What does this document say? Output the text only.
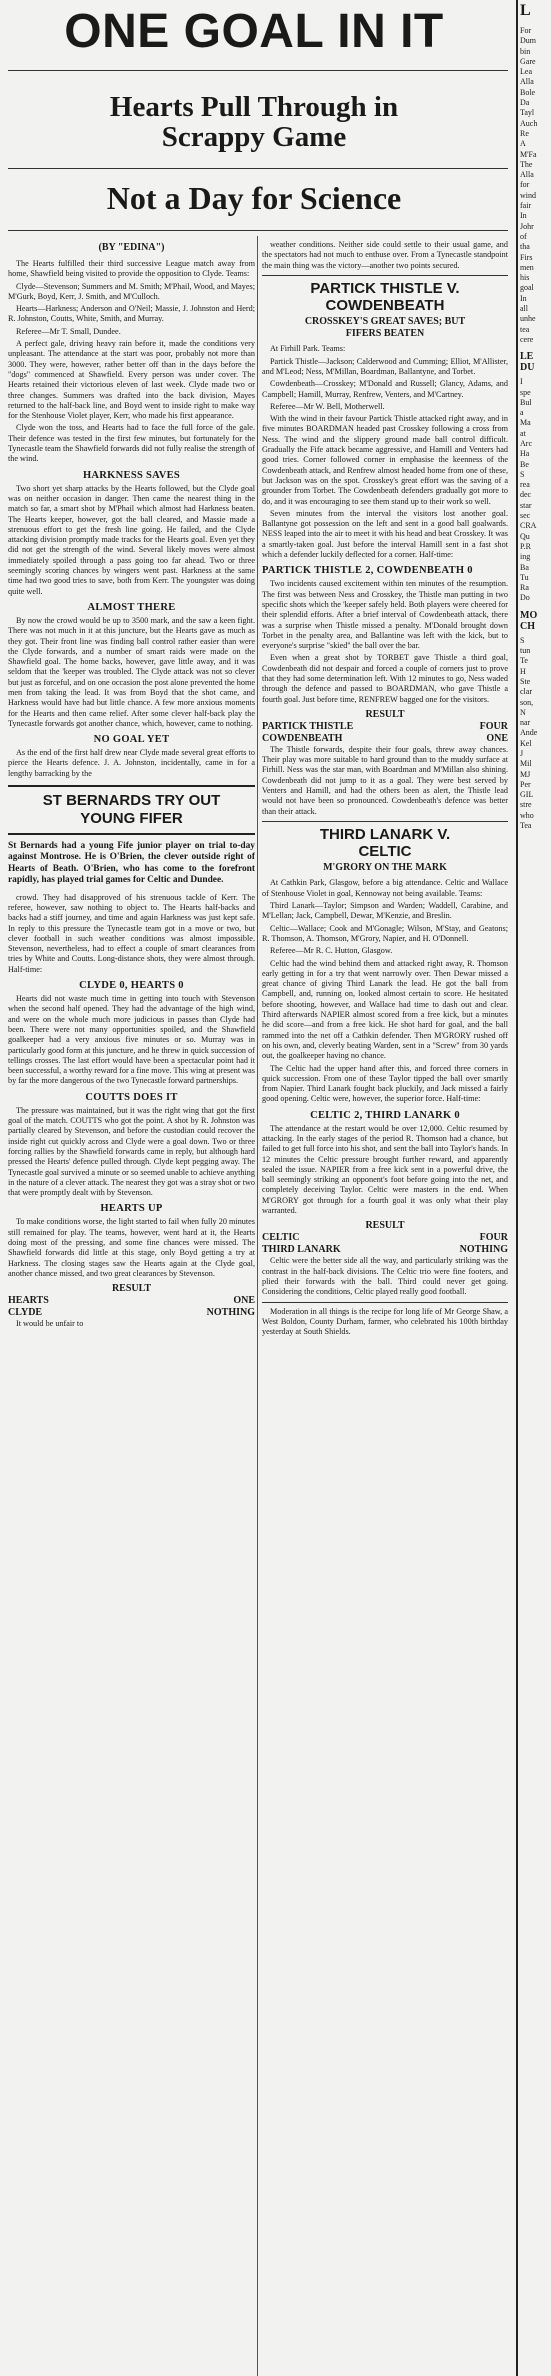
ONE GOAL IN IT
Hearts Pull Through in
Scrappy Game
Not a Day for Science
(BY "EDINA")

The Hearts fulfilled their third successive League match away from home, Shawfield being visited to provide the opposition to Clyde. Teams:

Clyde—Stevenson; Summers and M. Smith; M'Phail, Wood, and Mayes; M'Gurk, Boyd, Kerr, J. Smith, and M'Culloch.

Hearts—Harkness; Anderson and O'Neil; Massie, J. Johnston and Herd; R. Johnston, Coutts, White, Smith, and Murray.

Referee—Mr T. Small, Dundee.

A perfect gale, driving heavy rain before it, made the conditions very unpleasant. The attendance at the start was poor, probably not more than 3000. They were, however, rather better off than in the days before the "dogs" commenced at Shawfield. Every person was under cover. The Hearts retained their victorious eleven of last week. Clyde made two or three changes. Summers was drafted into the back division, Mayes returned to the half-back line, and Boyd went to inside right to make way for the Stenhouse Violet player, Kerr, who made his first appearance.

Clyde won the toss, and Hearts had to face the full force of the gale. Their defence was tested in the first few minutes, but fortunately for the Tynecastle team the Shawfield forwards did not fully realise the strength of the wind.

HARKNESS SAVES

Two short yet sharp attacks by the Hearts followed, but the Clyde goal was on neither occasion in danger. Then came the nearest thing in the match so far, a smart shot by M'Phail which almost had Harkness beaten. The Hearts keeper, however, got the ball cleared, and Massie made a strenuous effort to get the fresh line going. He failed, and the Clyde attacking division promptly made tracks for the Hearts goal. Even yet they did not get the strength of the wind. Several likely moves were almost immediately spoiled through a pass going too far ahead. Two or three seemingly scoring chances by wingers went past. Harkness at the same time had two good tries to save, both from Kerr. The youngster was doing quite well.

ALMOST THERE

By now the crowd would be up to 3500 mark, and the saw a keen fight. There was not much in it at this juncture, but the Hearts gave as much as they got. Their front line was finding ball control rather easier than were the Clyde forwards, and a number of smart raids were made on the Shawfield goal. The home backs, however, gave little away, and it was seldom that the 'keeper was troubled. The Clyde attack was not so clever but just as forceful, and on one occasion the post alone prevented the home men from taking the lead. It was from Boyd that the shot came, and Harkness would have had but little chance. A few more anxious moments for the Hearts and then came relief. After some clever half-back play the Tynecastle forwards got another chance, which, however, came to nothing.

NO GOAL YET

As the end of the first half drew near Clyde made several great efforts to pierce the Hearts defence. J. A. Johnston, incidentally, came in for a lengthy barracking by the

ST BERNARDS TRY OUT
YOUNG FIFER

St Bernards had a young Fife junior player on trial to-day against Montrose. He is O'Brien, the clever outside right of Hearts of Beath. O'Brien, who has come to the forefront rapidly, has played trial games for Celtic and Dundee.

crowd. They had disapproved of his strenuous tackle of Kerr. The referee, however, saw nothing to object to. The Hearts half-backs and backs had a stiff journey, and time and again Harkness was just kept safe. In reply to this pressure the Tynecastle team got in a move or two, but clever football in such weather conditions was almost impossible. Stevenson, nevertheless, had to effect a couple of smart clearances from tries by White and Coutts. Long-distance shots, they were almost through. Half-time:

CLYDE 0, HEARTS 0

Hearts did not waste much time in getting into touch with Stevenson when the second half opened. They had the advantage of the high wind, and were on the whole much more judicious in passes than Clyde had been. There were not many opportunities spoiled, and the Shawfield goalkeeper had a very anxious five minutes or so. Murray was in particularly good form at this juncture, and he threw in quick succession of tellings crosses. The last effort would have been a spectacular point had it been successful, a worthy reward for a fine move. This wing at present was by far the more dangerous of the two Tynecastle forward partnerships.

COUTTS DOES IT

The pressure was maintained, but it was the right wing that got the first goal of the match. COUTTS who got the point. A shot by R. Johnston was partially cleared by Stevenson, and before the custodian could recover the inside right cut quickly across and Clyde were a goal down. Two or three forcing rallies by the Shawfield forwards came in reply, but although hard pressed the Hearts' defence pulled through. Clyde kept pegging away. The Tynecastle goal survived a minute or so seemed unable to achieve anything in the nature of a clever attack. The nearest they got was a stray shot or two that were promptly dealt with by Stevenson.

HEARTS UP

To make conditions worse, the light started to fail when fully 20 minutes still remained for play. The teams, however, went hard at it, the Hearts doing most of the pressing, and some fine chances were missed. The Shawfield forwards did little at this stage, only Boyd getting a try at Harkness. The closing stages saw the Hearts again at the Clyde goal, another chance missed, and two great clearances by Stevenson.

RESULT
HEARTS	ONE
CLYDE	NOTHING

It would be unfair to

weather conditions. Neither side could settle to their usual game, and the spectators had not much to enthuse over. From a Tynecastle standpoint the main thing was the victory—another two points secured.

PARTICK THISTLE V.
COWDENBEATH
CROSSKEY'S GREAT SAVES; BUT
FIFERS BEATEN

At Firhill Park. Teams:

Partick Thistle—Jackson; Calderwood and Cumming; Elliot, M'Allister, and M'Leod; Ness, M'Millan, Boardman, Ballantyne, and Torbet.

Cowdenbeath—Crosskey; M'Donald and Russell; Glancy, Adams, and Campbell; Hamill, Murray, Renfrew, Venters, and M'Cartney.

Referee—Mr W. Bell, Motherwell.

With the wind in their favour Partick Thistle attacked right away, and in five minutes BOARDMAN headed past Crosskey following a cross from Ness. The wind and the slippery ground made ball control difficult. Gradually the Fife attack became aggressive, and Hamill and Venters had good tries. Corner followed corner in emphasise the keenness of the Cowdenbeath attack, and Renfrew almost headed home from one of these, but Jackson was on the spot. Crosskey's great effort was the saving of a grounder from Torbet. The Cowdenbeath defenders gradually got more to do, and it was encouraging to see them stand up to their work so well.

Seven minutes from the interval the visitors lost another goal. Ballantyne got possession on the left and sent in a good ball goalwards. NESS leaped into the air to meet it with his head and beat Crosskey. It was a smartly-taken goal. Just before the interval Hamill sent in a fast shot which a defender luckily deflected for a corner. Half-time:

PARTICK THISTLE 2, COWDENBEATH 0

Two incidents caused excitement within ten minutes of the resumption. The first was between Ness and Crosskey, the Thistle man putting in two specific shots which the 'keeper safely held. Both players were cheered for their splendid efforts. After a brief interval of Cowdenbeath attack, there was a surprise when Thistle missed a penalty. M'Donald brought down Torbet in the penalty area, and Ballantine was left with the kick, but to everyone's surprise "skied" the ball over the bar.

Even when a great shot by TORBET gave Thistle a third goal, Cowdenbeath did not despair and forced a couple of corners just to prove that they had some determination left. With 12 minutes to go, Ness waded through the defence and passed to BOARDMAN, who gave Thistle a fourth goal. Just before time, RENFREW bagged one for the visitors.

RESULT
PARTICK THISTLE	FOUR
COWDENBEATH	ONE

The Thistle forwards, despite their four goals, threw away chances. Their play was more suitable to hard ground than to the muddy surface at Firhill. Ness was the star man, with Boardman and M'Millan also shining. Cowdenbeath did not jump to it as a goal. They were best served by Venters and Hamill, and had the others been as alert, the Thistle lead would not have been so pronounced. Cowdenbeath's defence was better than their attack.

THIRD LANARK V.
CELTIC
M'GRORY ON THE MARK

At Cathkin Park, Glasgow, before a big attendance. Celtic and Wallace of Stenhouse Violet in goal, Kennoway not being available. Teams:

Third Lanark—Taylor; Simpson and Warden; Waddell, Carabine, and M'Lellan; Jack, Campbell, Dewar, M'Kenzie, and Breslin.

Celtic—Wallace; Cook and M'Gonagle; Wilson, M'Stay, and Geatons; R. Thomson, A. Thomson, M'Grory, Napier, and H. O'Donnell.

Referee—Mr R. C. Hutton, Glasgow.

Celtic had the wind behind them and attacked right away, R. Thomson early getting in for a try that went narrowly over. Then Dewar missed a great chance of giving Third Lanark the lead. He got the ball from Campbell, and, running on, looked almost certain to score. He hesitated before shooting, however, and Wallace had time to dash out and clear. Third afterwards NAPIER almost scored from a free kick, but a minutes he did score—and from a free kick. He shot hard for goal, and the ball rammed into the net off a Cathkin defender. Then M'GRORY rushed off on his own, and, cleverly beating Warden, sent in a "Screw" from 30 yards out, the goalkeeper having no chance.

The Celtic had the upper hand after this, and forced three corners in quick succession. From one of these Taylor tipped the ball over smartly from Napier. Third Lanark fought back pluckily, and Jack missed a fairly good opening. Celtic were, however, the superior force. Half-time:

CELTIC 2, THIRD LANARK 0

The attendance at the restart would be over 12,000. Celtic resumed by attacking. In the early stages of the period R. Thomson had a chance, but failed to get full force into his shot, and sent the ball into Taylor's hands. In 12 minutes the Celtic pressure brought further reward, and apparently sealed the issue. NAPIER from a free kick sent in a powerful drive, the ball seemingly striking an opponent's foot before going into the net, and completely deceiving Taylor. Celtic were masters in the end. When M'GRORY got through for a fourth goal it was only what their play warranted.

RESULT
CELTIC	FOUR
THIRD LANARK	NOTHING

Celtic were the better side all the way, and particularly striking was the contrast in the half-back divisions. The Celtic trio were fine footers, and plied their forwards with the ball. Third could never get going. Considering the conditions, Celtic played really good football.

Moderation in all things is the recipe for long life of Mr George Shaw, a West Boldon, County Durham, farmer, who celebrated his 100th birthday yesterday at South Shields.

L
For
Dum
bin
Gare
Lea
Alla
Bole
Da
Tayl
Auch
Re
A
M'Fa
The
Alla
for
wind
fair
In
Johr
of
tha
Firs
men
his
goal
In
all
unhe
tea
cere
LE
DU
I
spe
Bul
a
Ma
at
Arc
Ha
Be
S
rea
dec
star
sec
CRA
Qu
P.R
ing
Ba
Tu
Ra
Do
MO
CH
S
tun
Te
H
Ste
clar
son,
N
nar
Ande
Kel
J
Mil
MJ
Per
GIL
stre
who
Tea
